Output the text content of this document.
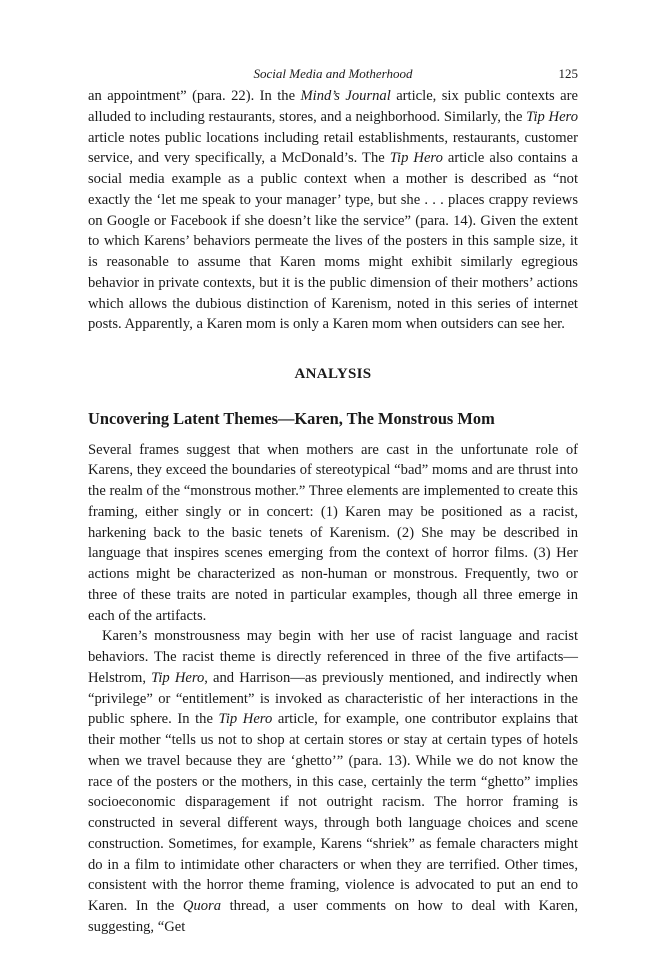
Social Media and Motherhood	125

an appointment” (para. 22). In the Mind’s Journal article, six public contexts are alluded to including restaurants, stores, and a neighborhood. Similarly, the Tip Hero article notes public locations including retail establishments, restaurants, customer service, and very specifically, a McDonald’s. The Tip Hero article also contains a social media example as a public context when a mother is described as “not exactly the ‘let me speak to your manager’ type, but she . . . places crappy reviews on Google or Facebook if she doesn’t like the service” (para. 14). Given the extent to which Karens’ behaviors permeate the lives of the posters in this sample size, it is reasonable to assume that Karen moms might exhibit similarly egregious behavior in private contexts, but it is the public dimension of their mothers’ actions which allows the dubious distinction of Karenism, noted in this series of internet posts. Apparently, a Karen mom is only a Karen mom when outsiders can see her.

ANALYSIS
Uncovering Latent Themes—Karen, The Monstrous Mom

Several frames suggest that when mothers are cast in the unfortunate role of Karens, they exceed the boundaries of stereotypical “bad” moms and are thrust into the realm of the “monstrous mother.” Three elements are implemented to create this framing, either singly or in concert: (1) Karen may be positioned as a racist, harkening back to the basic tenets of Karenism. (2) She may be described in language that inspires scenes emerging from the context of horror films. (3) Her actions might be characterized as non-human or monstrous. Frequently, two or three of these traits are noted in particular examples, though all three emerge in each of the artifacts.

Karen’s monstrousness may begin with her use of racist language and racist behaviors. The racist theme is directly referenced in three of the five artifacts—Helstrom, Tip Hero, and Harrison—as previously mentioned, and indirectly when “privilege” or “entitlement” is invoked as characteristic of her interactions in the public sphere. In the Tip Hero article, for example, one contributor explains that their mother “tells us not to shop at certain stores or stay at certain types of hotels when we travel because they are ‘ghetto’” (para. 13). While we do not know the race of the posters or the mothers, in this case, certainly the term “ghetto” implies socioeconomic disparagement if not outright racism. The horror framing is constructed in several different ways, through both language choices and scene construction. Sometimes, for example, Karens “shriek” as female characters might do in a film to intimidate other characters or when they are terrified. Other times, consistent with the horror theme framing, violence is advocated to put an end to Karen. In the Quora thread, a user comments on how to deal with Karen, suggesting, “Get
